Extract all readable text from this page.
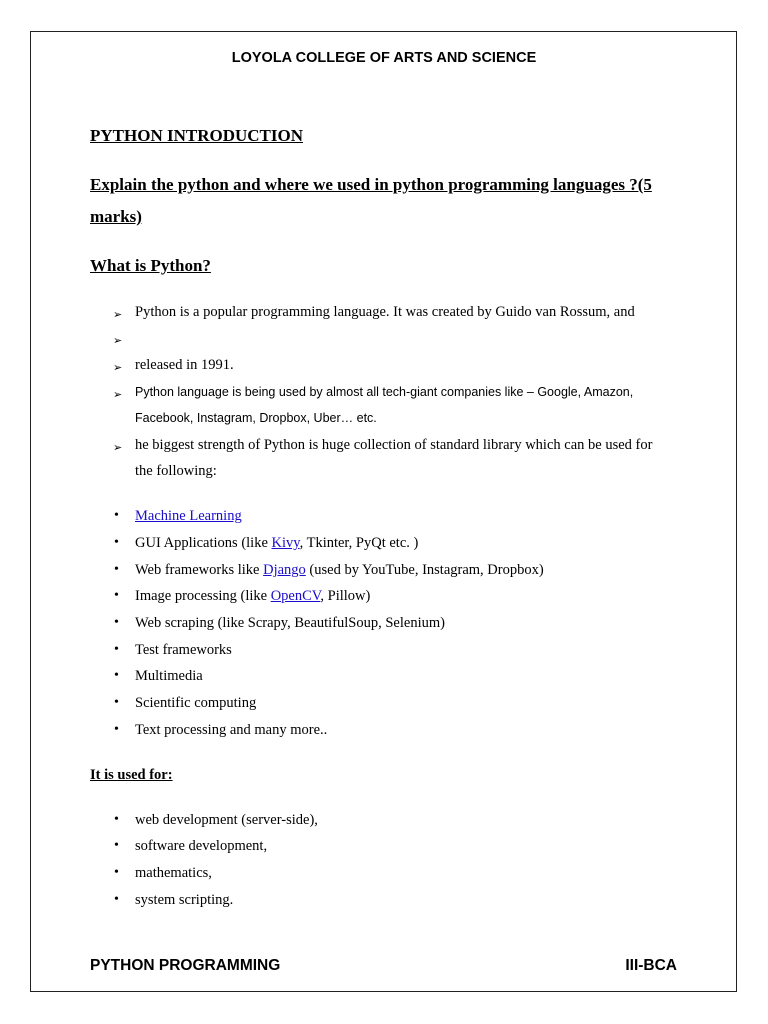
LOYOLA COLLEGE OF ARTS AND SCIENCE
PYTHON INTRODUCTION
Explain the python and where we used in python programming languages ?(5
marks)
What is Python?
➢ Python is a popular programming language. It was created by Guido van Rossum, and
➢
➢ released in 1991.
➢ Python language is being used by almost all tech-giant companies like – Google, Amazon,
Facebook, Instagram, Dropbox, Uber… etc.
➢ he biggest strength of Python is huge collection of standard library which can be used for
the following:
• Machine Learning
• GUI Applications (like Kivy, Tkinter, PyQt etc. )
• Web frameworks like Django (used by YouTube, Instagram, Dropbox)
• Image processing (like OpenCV, Pillow)
• Web scraping (like Scrapy, BeautifulSoup, Selenium)
• Test frameworks
• Multimedia
• Scientific computing
• Text processing and many more..
It is used for:
• web development (server-side),
• software development,
• mathematics,
• system scripting.
PYTHON PROGRAMMING	III-BCA
